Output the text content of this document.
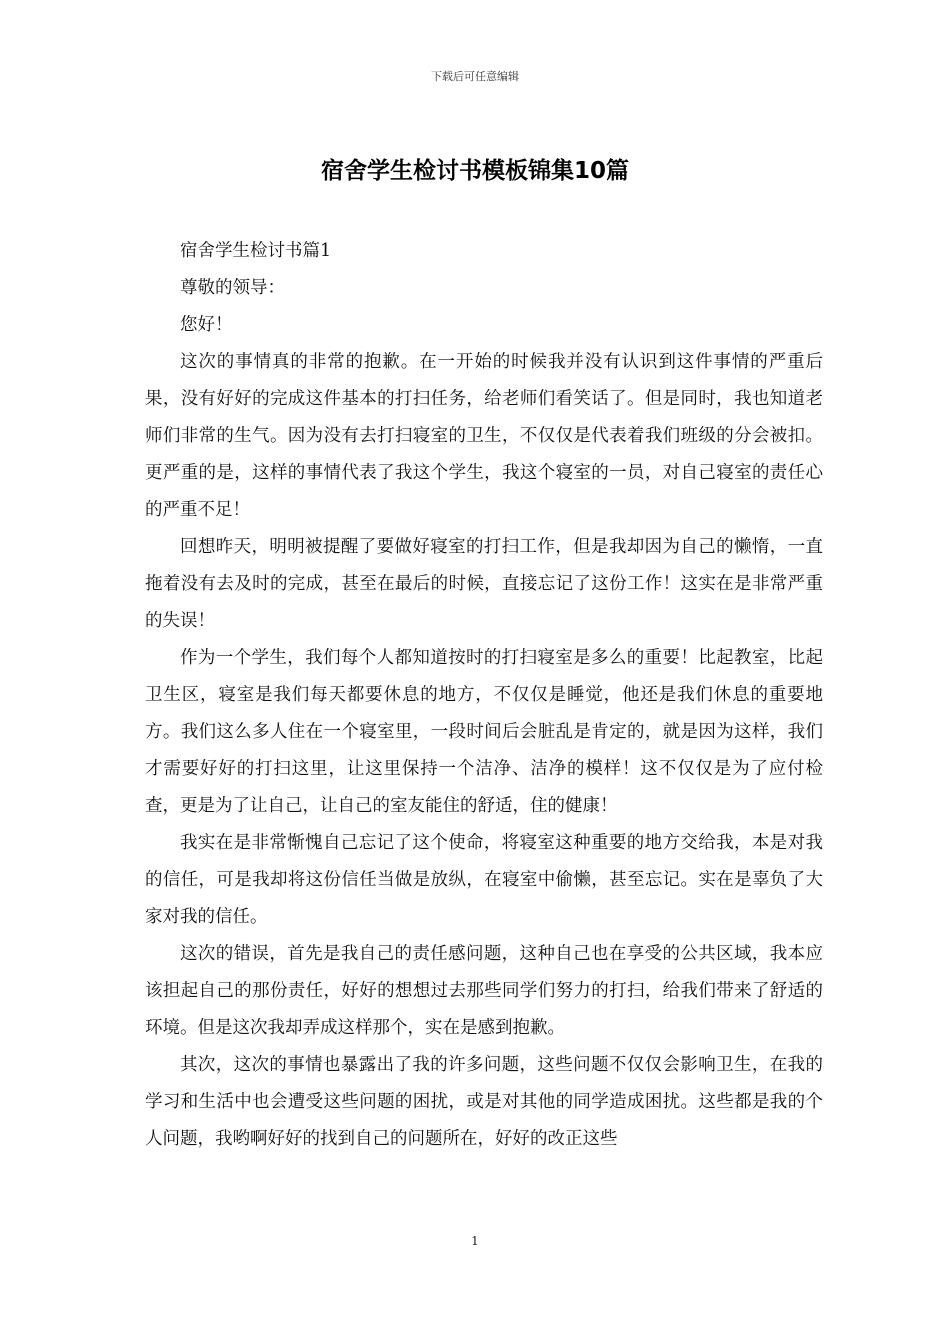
下载后可任意编辑
宿舍学生检讨书模板锦集10篇

宿舍学生检讨书篇1

尊敬的领导：

您好！

这次的事情真的非常的抱歉。在一开始的时候我并没有认识到这件事情的严重后果，没有好好的完成这件基本的打扫任务，给老师们看笑话了。但是同时，我也知道老师们非常的生气。因为没有去打扫寝室的卫生，不仅仅是代表着我们班级的分会被扣。更严重的是，这样的事情代表了我这个学生，我这个寝室的一员，对自己寝室的责任心的严重不足！

回想昨天，明明被提醒了要做好寝室的打扫工作，但是我却因为自己的懒惰，一直拖着没有去及时的完成，甚至在最后的时候，直接忘记了这份工作！这实在是非常严重的失误！

作为一个学生，我们每个人都知道按时的打扫寝室是多么的重要！比起教室，比起卫生区，寝室是我们每天都要休息的地方，不仅仅是睡觉，他还是我们休息的重要地方。我们这么多人住在一个寝室里，一段时间后会脏乱是肯定的，就是因为这样，我们才需要好好的打扫这里，让这里保持一个洁净、洁净的模样！这不仅仅是为了应付检查，更是为了让自己，让自己的室友能住的舒适，住的健康！

我实在是非常惭愧自己忘记了这个使命，将寝室这种重要的地方交给我，本是对我的信任，可是我却将这份信任当做是放纵，在寝室中偷懒，甚至忘记。实在是辜负了大家对我的信任。

这次的错误，首先是我自己的责任感问题，这种自己也在享受的公共区域，我本应该担起自己的那份责任，好好的想想过去那些同学们努力的打扫，给我们带来了舒适的环境。但是这次我却弄成这样那个，实在是感到抱歉。

其次，这次的事情也暴露出了我的许多问题，这些问题不仅仅会影响卫生，在我的学习和生活中也会遭受这些问题的困扰，或是对其他的同学造成困扰。这些都是我的个人问题，我哟啊好好的找到自己的问题所在，好好的改正这些

1
